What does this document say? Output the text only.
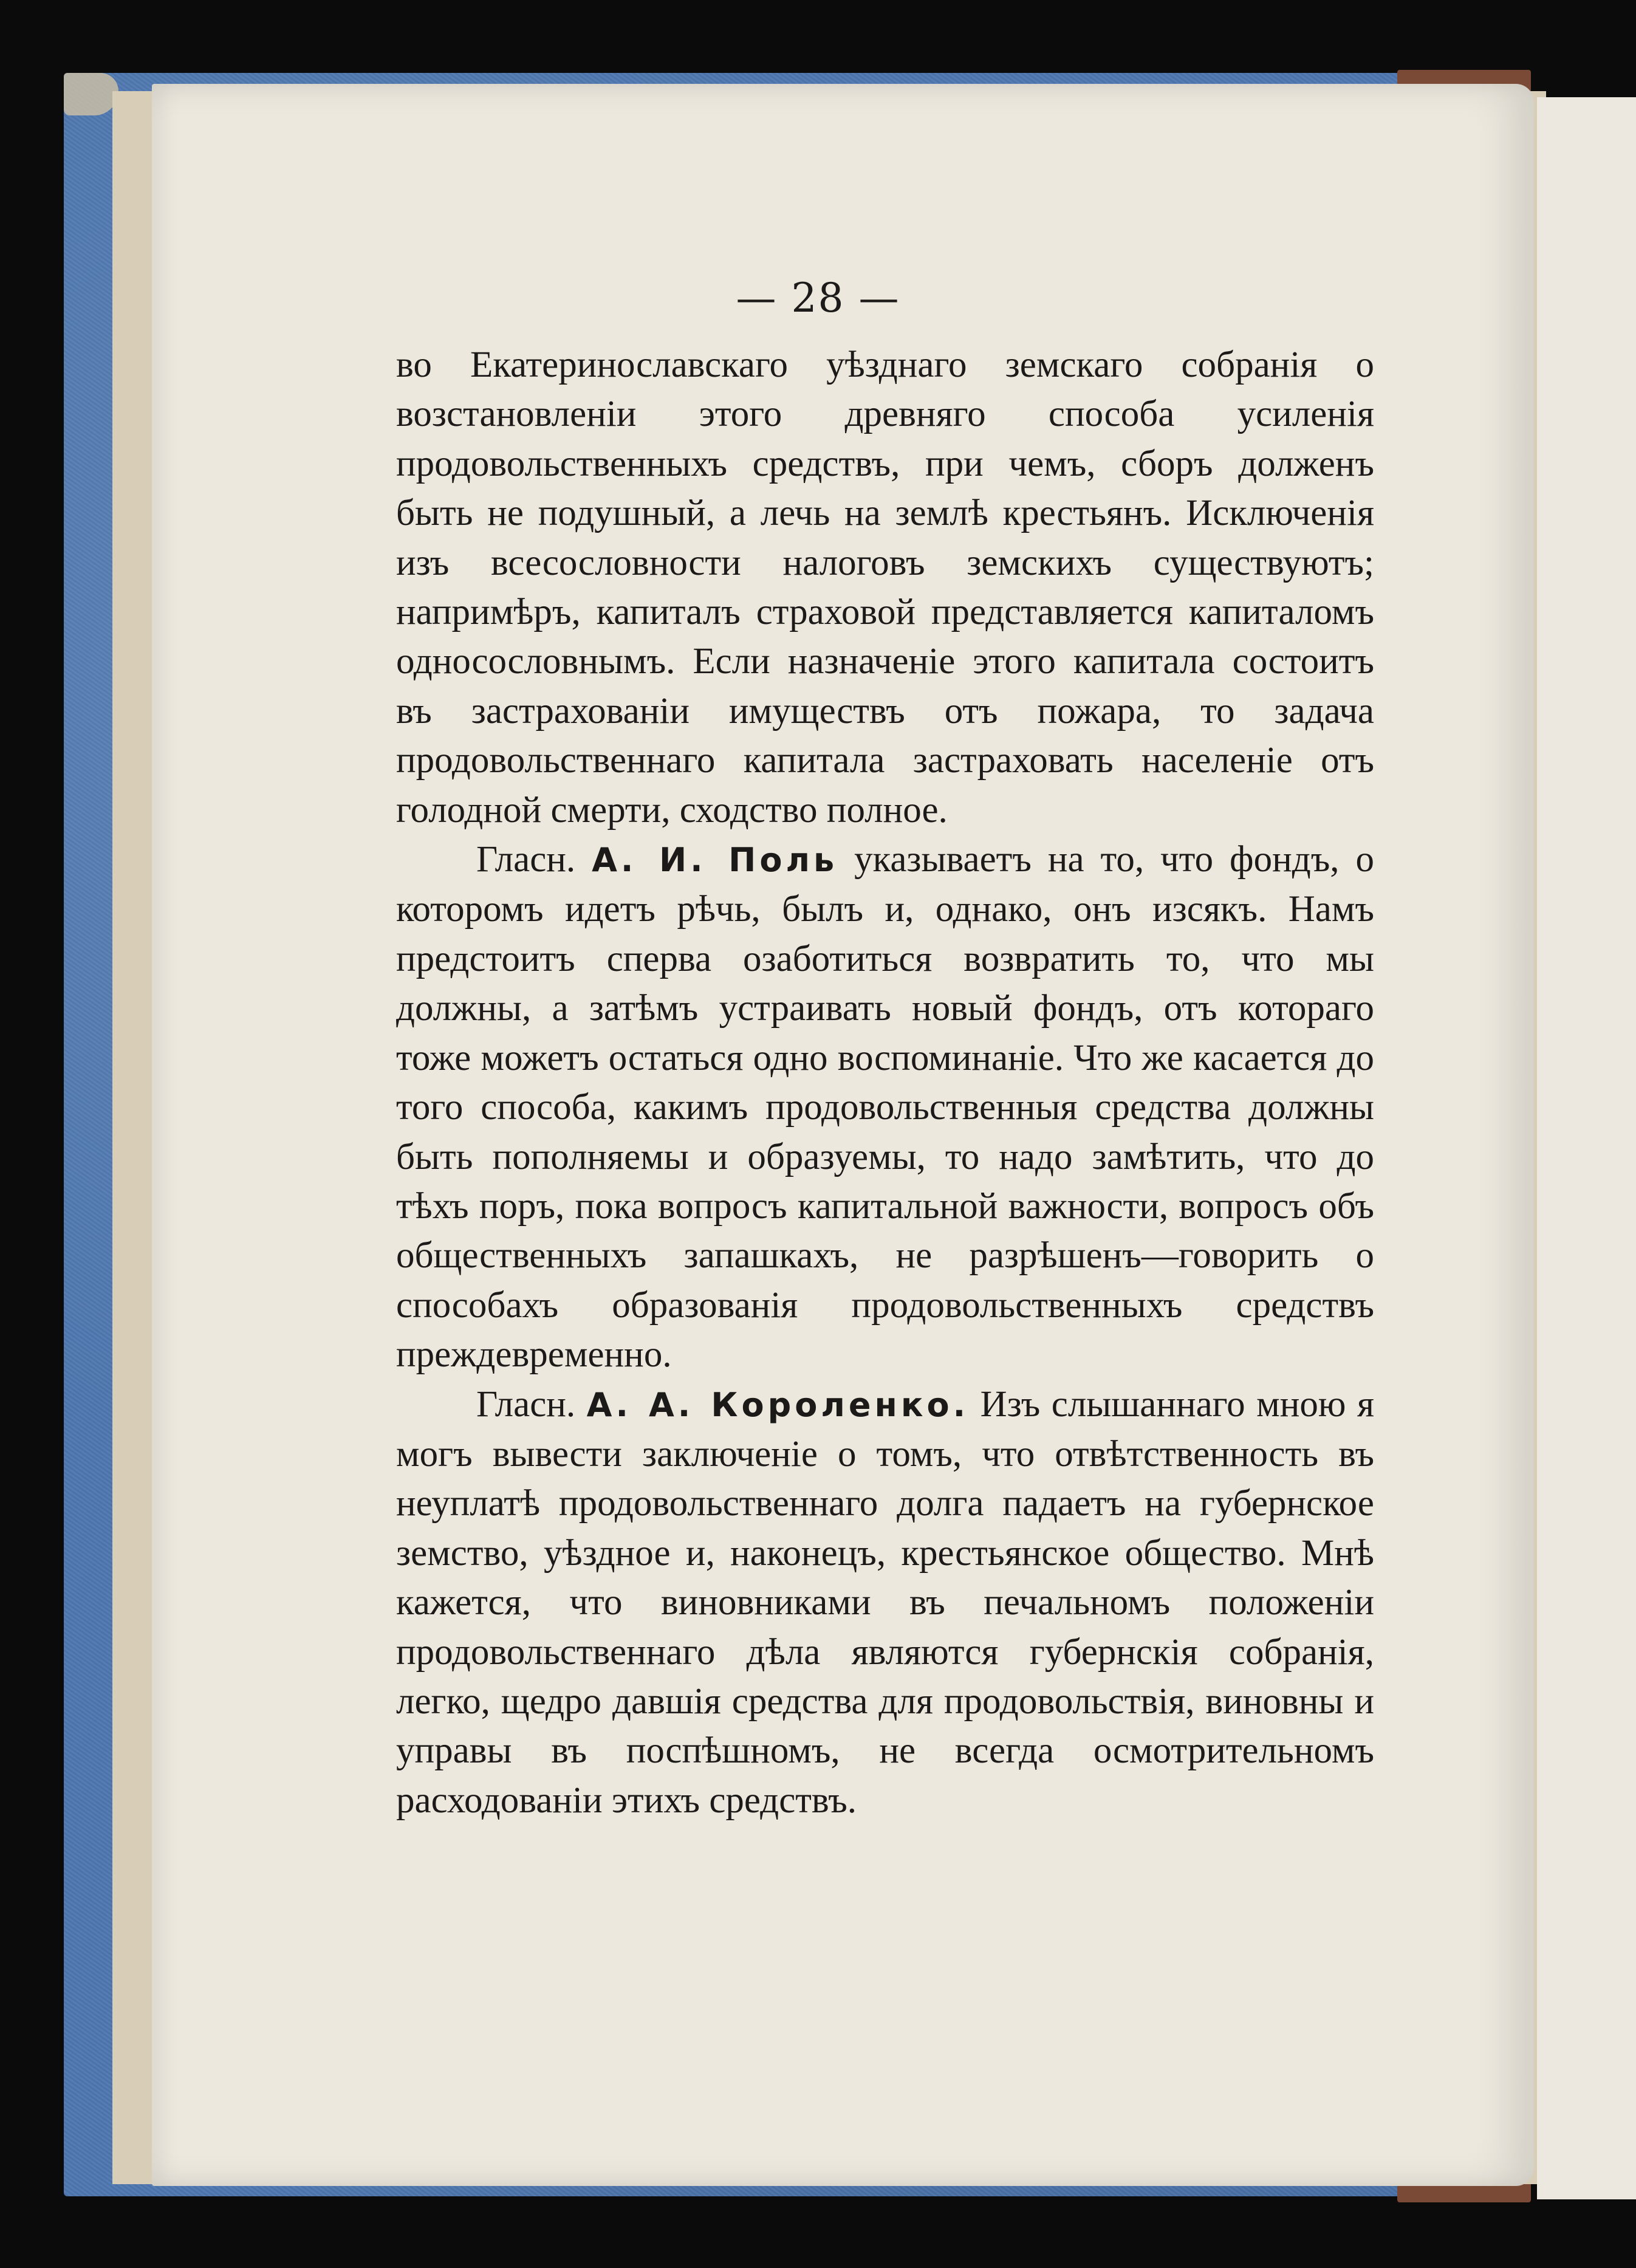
— 28 —

во Екатеринославскаго уѣзднаго земскаго собранія о возстановленіи этого древняго способа усиленія продовольственныхъ средствъ, при чемъ, сборъ долженъ быть не подушный, а лечь на землѣ крестьянъ. Исключенія изъ всесословности налоговъ земскихъ существуютъ; напримѣръ, капиталъ страховой представляется капиталомъ односословнымъ. Если назначеніе этого капитала состоитъ въ застрахованіи имуществъ отъ пожара, то задача продовольственнаго капитала застраховать населеніе отъ голодной смерти, сходство полное.

Гласн. А. И. Поль указываетъ на то, что фондъ, о которомъ идетъ рѣчь, былъ и, однако, онъ изсякъ. Намъ предстоитъ сперва озаботиться возвратить то, что мы должны, а затѣмъ устраивать новый фондъ, отъ котораго тоже можетъ остаться одно воспоминаніе. Что же касается до того способа, какимъ продовольственныя средства должны быть пополняемы и образуемы, то надо замѣтить, что до тѣхъ поръ, пока вопросъ капитальной важности, вопросъ объ общественныхъ запашкахъ, не разрѣшенъ—говорить о способахъ образованія продовольственныхъ средствъ преждевременно.

Гласн. А. А. Короленко. Изъ слышаннаго мною я могъ вывести заключеніе о томъ, что отвѣтственность въ неуплатѣ продовольственнаго долга падаетъ на губернское земство, уѣздное и, наконецъ, крестьянское общество. Мнѣ кажется, что виновниками въ печальномъ положеніи продовольственнаго дѣла являются губернскія собранія, легко, щедро давшія средства для продовольствія, виновны и управы въ поспѣшномъ, не всегда осмотрительномъ расходованіи этихъ средствъ.
